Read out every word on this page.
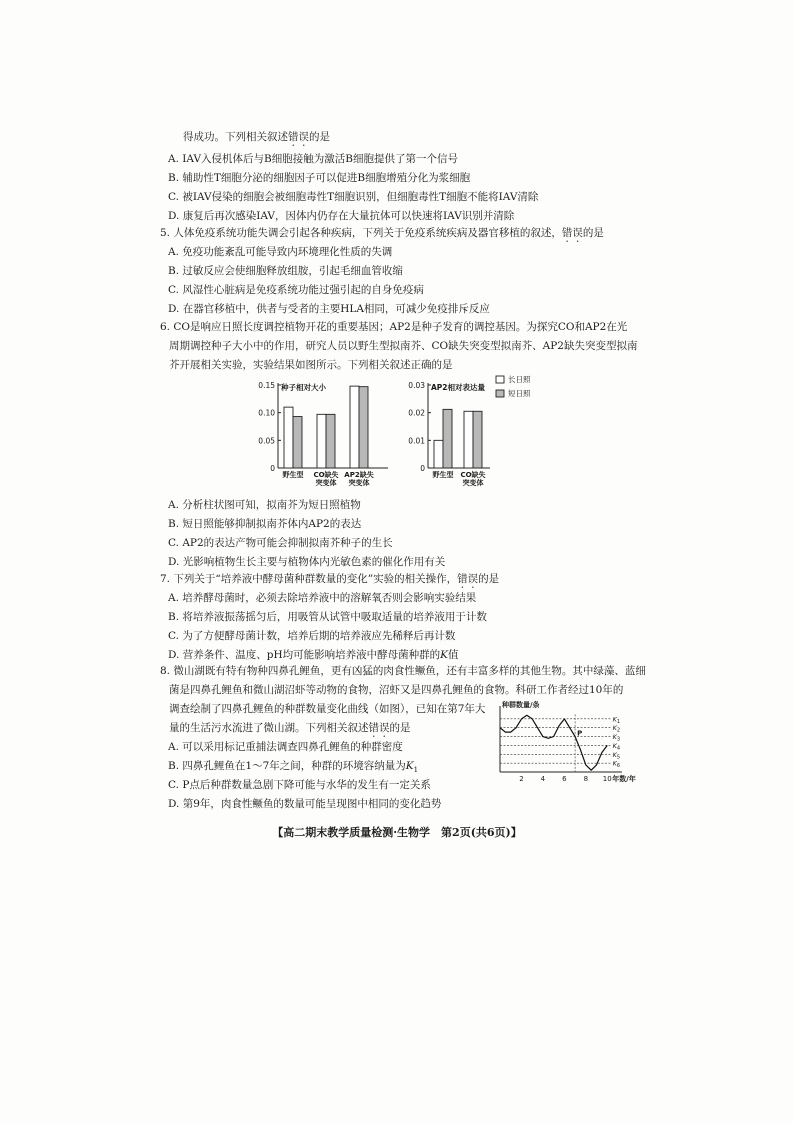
得成功。下列相关叙述错误的是
A. IAV入侵机体后与B细胞接触为激活B细胞提供了第一个信号
B. 辅助性T细胞分泌的细胞因子可以促进B细胞增殖分化为浆细胞
C. 被IAV侵染的细胞会被细胞毒性T细胞识别，但细胞毒性T细胞不能将IAV清除
D. 康复后再次感染IAV，因体内仍存在大量抗体可以快速将IAV识别并清除
5. 人体免疫系统功能失调会引起各种疾病，下列关于免疫系统疾病及器官移植的叙述，错误的是
A. 免疫功能紊乱可能导致内环境理化性质的失调
B. 过敏反应会使细胞释放组胺，引起毛细血管收缩
C. 风湿性心脏病是免疫系统功能过强引起的自身免疫病
D. 在器官移植中，供者与受者的主要HLA相同，可减少免疫排斥反应
6. CO是响应日照长度调控植物开花的重要基因；AP2是种子发育的调控基因。为探究CO和AP2在光
周期调控种子大小中的作用，研究人员以野生型拟南芥、CO缺失突变型拟南芥、AP2缺失突变型拟南
芥开展相关实验，实验结果如图所示。下列相关叙述正确的是
0
0.05
0.10
0.15 种子相对大小
野生型 CO缺失
突变体
AP2缺失
突变体
0
0.01
0.02
0.03 AP2相对表达量
野生型 CO缺失
突变体
长日照
短日照
A. 分析柱状图可知，拟南芥为短日照植物
B. 短日照能够抑制拟南芥体内AP2的表达
C. AP2的表达产物可能会抑制拟南芥种子的生长
D. 光影响植物生长主要与植物体内光敏色素的催化作用有关
7. 下列关于“培养液中酵母菌种群数量的变化”实验的相关操作，错误的是
A. 培养酵母菌时，必须去除培养液中的溶解氧否则会影响实验结果
B. 将培养液振荡摇匀后，用吸管从试管中吸取适量的培养液用于计数
C. 为了方便酵母菌计数，培养后期的培养液应先稀释后再计数
D. 营养条件、温度、pH均可能影响培养液中酵母菌种群的K值
8. 微山湖既有特有物种四鼻孔鲤鱼，更有凶猛的肉食性鳜鱼，还有丰富多样的其他生物。其中绿藻、蓝细
菌是四鼻孔鲤鱼和微山湖沼虾等动物的食物，沼虾又是四鼻孔鲤鱼的食物。科研工作者经过10年的
调查绘制了四鼻孔鲤鱼的种群数量变化曲线（如图），已知在第7年大
量的生活污水流进了微山湖。下列相关叙述错误的是
A. 可以采用标记重捕法调查四鼻孔鲤鱼的种群密度
B. 四鼻孔鲤鱼在1～7年之间，种群的环境容纳量为$K_1$
C. P点后种群数量急剧下降可能与水华的发生有一定关系
D. 第9年，肉食性鳜鱼的数量可能呈现图中相同的变化趋势
种群数量/条
$K_1$
$K_2$
$K_3$
$K_4$
$K_5$
$K_6$
P
2 4 6 8 10 年数/年
【高二期末教学质量检测·生物学　第2页(共6页)】
